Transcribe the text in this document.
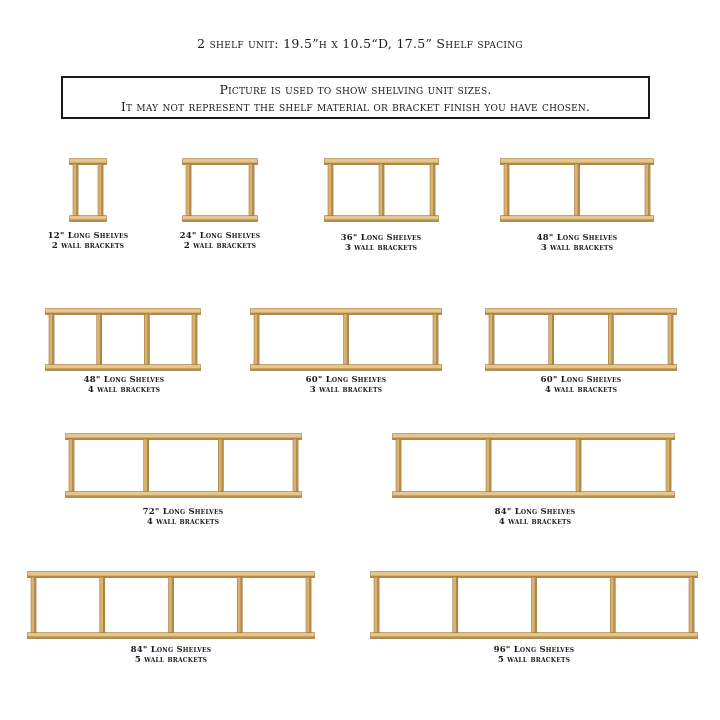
2 shelf unit: 19.5”h x 10.5“D, 17.5” Shelf spacing
Picture is used to show shelving unit sizes.
It may not represent the shelf material or bracket finish you have chosen.
12" Long Shelves
2 wall brackets
24" Long Shelves
2 wall brackets
36" Long Shelves
3 wall brackets
48" Long Shelves
3 wall brackets
48" Long Shelves
4 wall brackets
60" Long Shelves
3 wall brackets
60" Long Shelves
4 wall brackets
72" Long Shelves
4 wall brackets
84" Long Shelves
4 wall brackets
84" Long Shelves
5 wall brackets
96" Long Shelves
5 wall brackets
